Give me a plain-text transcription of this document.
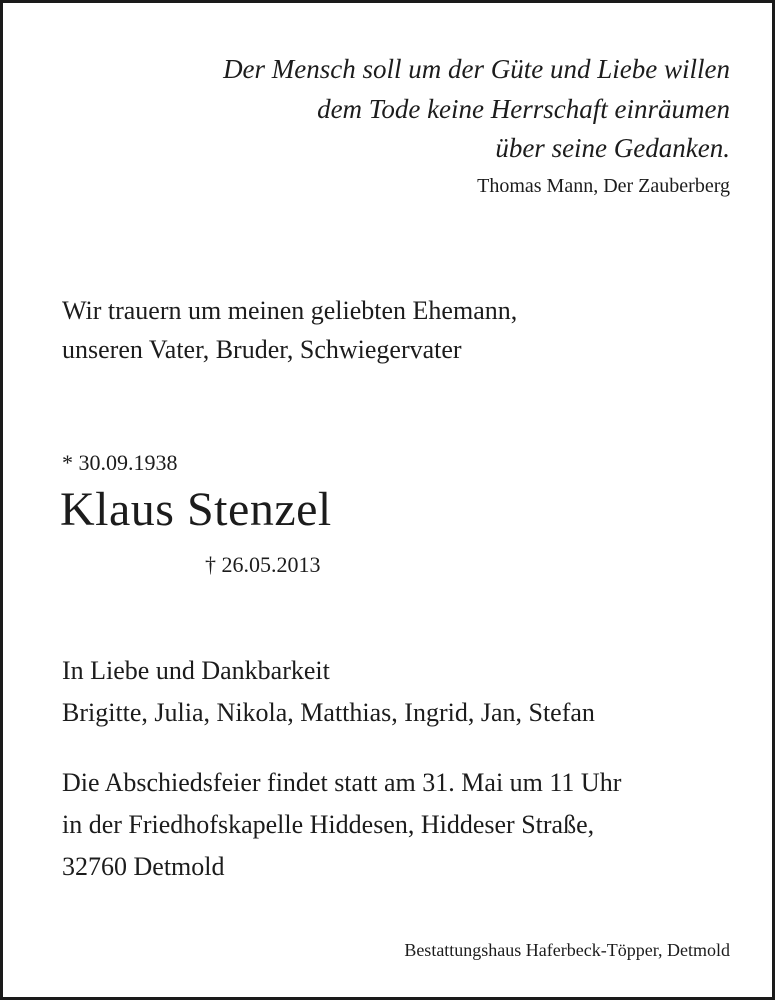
Der Mensch soll um der Güte und Liebe willen
dem Tode keine Herrschaft einräumen
über seine Gedanken.
Thomas Mann, Der Zauberberg
Wir trauern um meinen geliebten Ehemann,
unseren Vater, Bruder, Schwiegervater
* 30.09.1938
Klaus Stenzel
† 26.05.2013
In Liebe und Dankbarkeit
Brigitte, Julia, Nikola, Matthias, Ingrid, Jan, Stefan
Die Abschiedsfeier findet statt am 31. Mai um 11 Uhr
in der Friedhofskapelle Hiddesen, Hiddeser Straße,
32760 Detmold
Bestattungshaus Haferbeck-Töpper, Detmold
